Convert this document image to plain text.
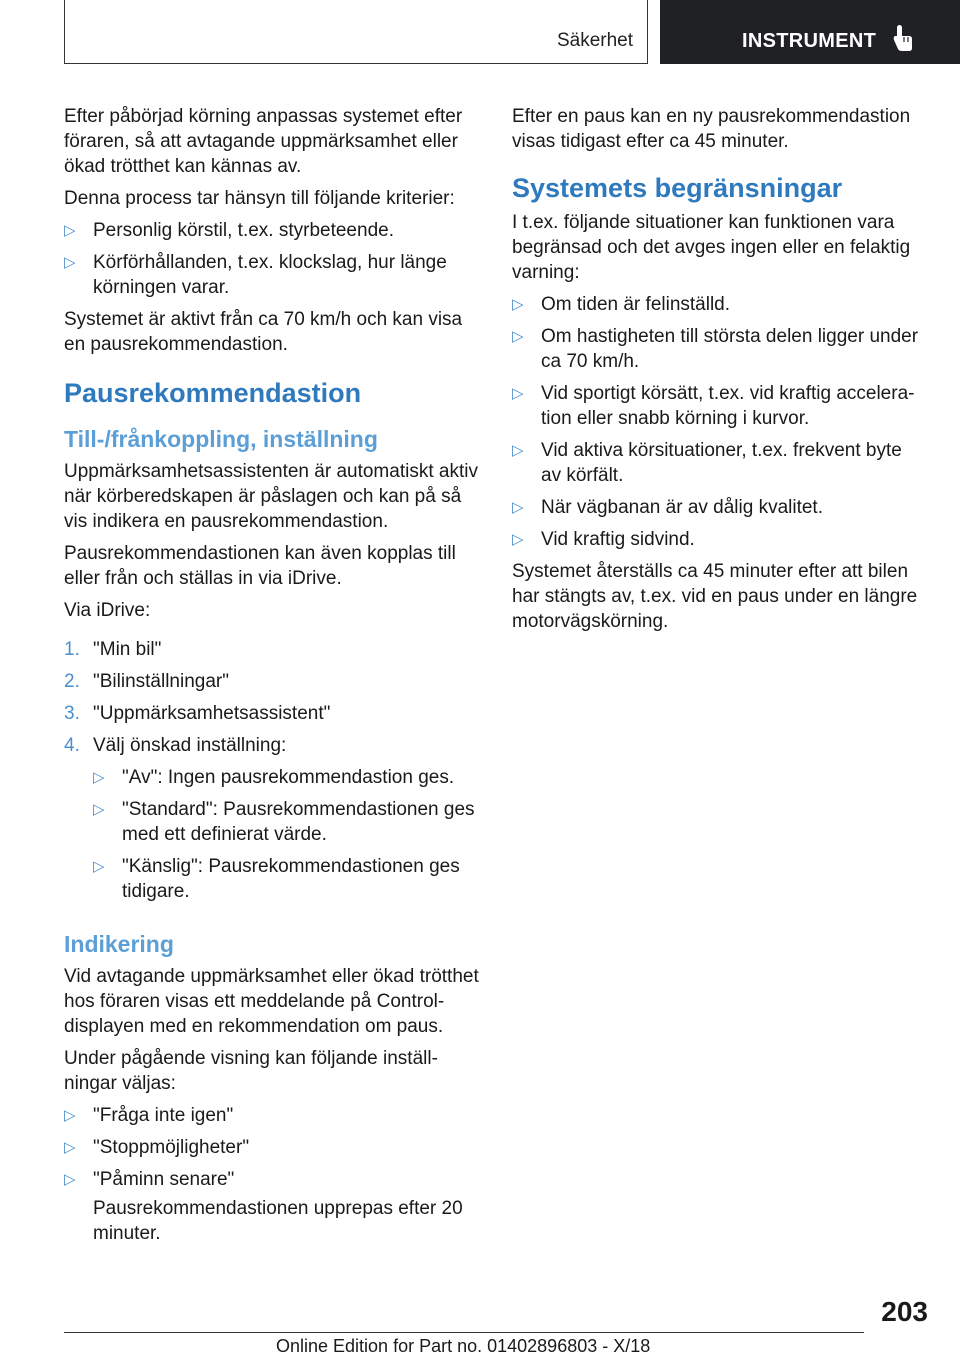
Säkerhet	INSTRUMENT

Efter påbörjad körning anpassas systemet efter föraren, så att avtagande uppmärksamhet eller ökad trötthet kan kännas av.

Denna process tar hänsyn till följande kriterier:

▷ Personlig körstil, t.ex. styrbeteende.
▷ Körförhållanden, t.ex. klockslag, hur länge körningen varar.

Systemet är aktivt från ca 70 km/h och kan visa en pausrekommendastion.

Pausrekommendastion
Till-/frånkoppling, inställning

Uppmärksamhetsassistenten är automatiskt aktiv när körberedskapen är påslagen och kan på så vis indikera en pausrekommendastion.

Pausrekommendastionen kan även kopplas till eller från och ställas in via iDrive.

Via iDrive:

1. "Min bil"
2. "Bilinställningar"
3. "Uppmärksamhetsassistent"
4. Välj önskad inställning:
▷ "Av": Ingen pausrekommendastion ges.
▷ "Standard": Pausrekommendastionen ges med ett definierat värde.
▷ "Känslig": Pausrekommendastionen ges tidigare.
Indikering

Vid avtagande uppmärksamhet eller ökad trötthet hos föraren visas ett meddelande på Control-displayen med en rekommendation om paus.

Under pågående visning kan följande inställningar väljas:

▷ "Fråga inte igen"
▷ "Stoppmöjligheter"
▷ "Påminn senare"
Pausrekommendastionen upprepas efter 20 minuter.

Efter en paus kan en ny pausrekommendastion visas tidigast efter ca 45 minuter.

Systemets begränsningar

I t.ex. följande situationer kan funktionen vara begränsad och det avges ingen eller en felaktig varning:

▷ Om tiden är felinställd.
▷ Om hastigheten till största delen ligger under ca 70 km/h.
▷ Vid sportigt körsätt, t.ex. vid kraftig acceleration eller snabb körning i kurvor.
▷ Vid aktiva körsituationer, t.ex. frekvent byte av körfält.
▷ När vägbanan är av dålig kvalitet.
▷ Vid kraftig sidvind.

Systemet återställs ca 45 minuter efter att bilen har stängts av, t.ex. vid en paus under en längre motorvägskörning.

203
Online Edition for Part no. 01402896803 - X/18
